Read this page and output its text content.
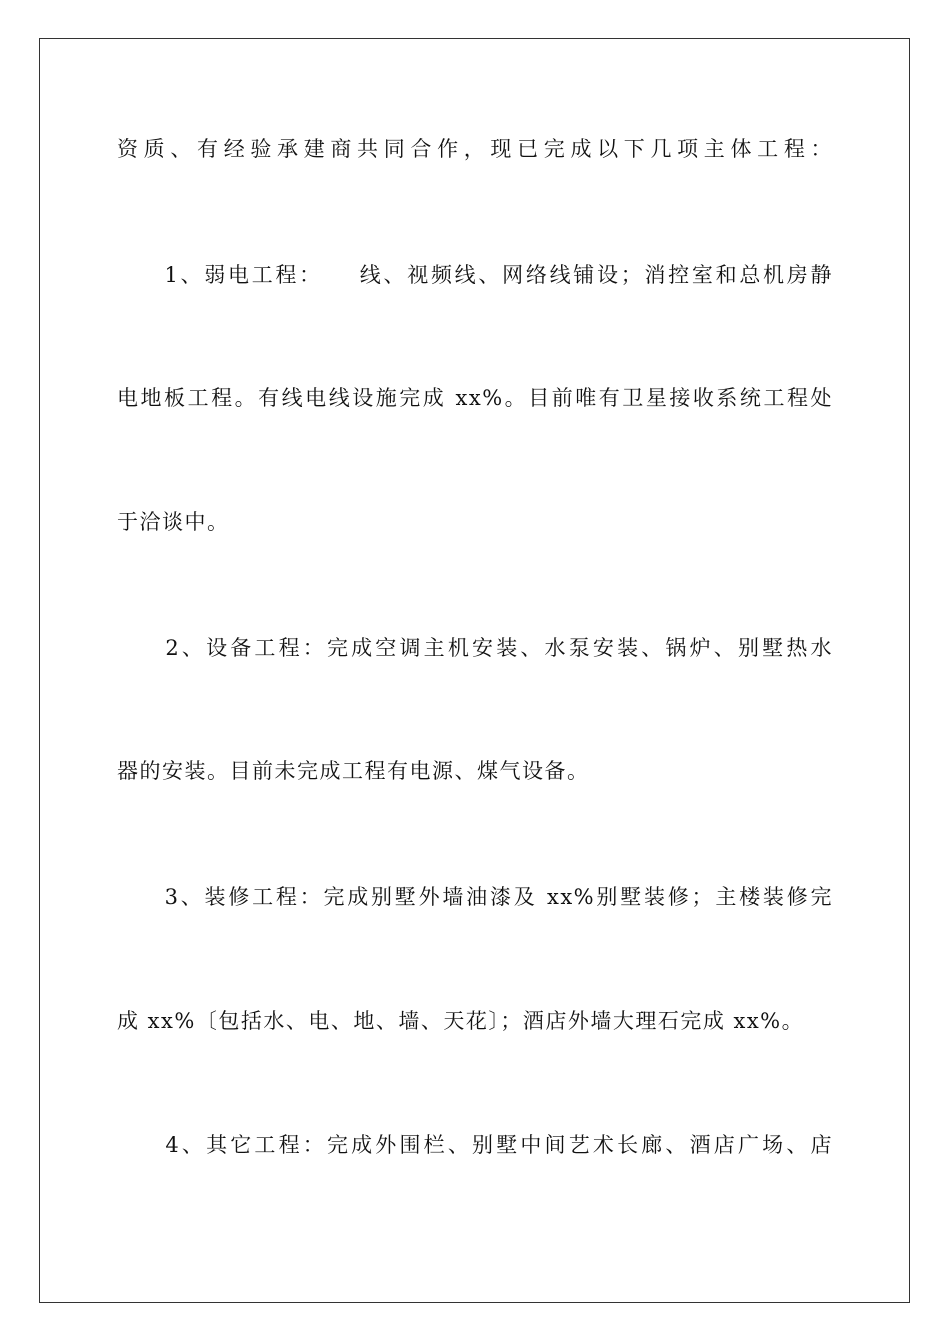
资质、有经验承建商共同合作，现已完成以下几项主体工程：
　　1、弱电工程：　　线、视频线、网络线铺设；消控室和总机房静
电地板工程。有线电线设施完成 xx%。目前唯有卫星接收系统工程处
于洽谈中。
　　2、设备工程：完成空调主机安装、水泵安装、锅炉、别墅热水
器的安装。目前未完成工程有电源、煤气设备。
　　3、装修工程：完成别墅外墙油漆及 xx%别墅装修；主楼装修完
成 xx%〔包括水、电、地、墙、天花〕；酒店外墙大理石完成 xx%。
　　4、其它工程：完成外围栏、别墅中间艺术长廊、酒店广场、店
